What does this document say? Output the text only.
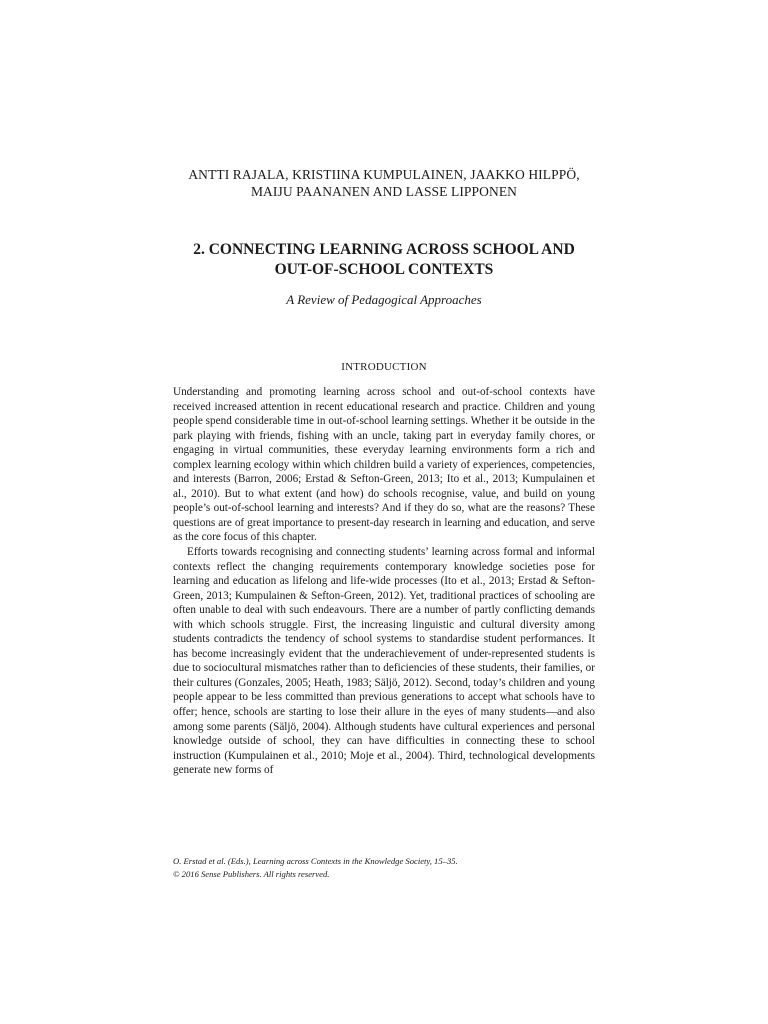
ANTTI RAJALA, KRISTIINA KUMPULAINEN, JAAKKO HILPPÖ,
MAIJU PAANANEN AND LASSE LIPPONEN
2. CONNECTING LEARNING ACROSS SCHOOL AND
OUT-OF-SCHOOL CONTEXTS
A Review of Pedagogical Approaches
INTRODUCTION

Understanding and promoting learning across school and out-of-school contexts have received increased attention in recent educational research and practice. Children and young people spend considerable time in out-of-school learning settings. Whether it be outside in the park playing with friends, fishing with an uncle, taking part in everyday family chores, or engaging in virtual communities, these everyday learning environments form a rich and complex learning ecology within which children build a variety of experiences, competencies, and interests (Barron, 2006; Erstad & Sefton-Green, 2013; Ito et al., 2013; Kumpulainen et al., 2010). But to what extent (and how) do schools recognise, value, and build on young people’s out-of-school learning and interests? And if they do so, what are the reasons? These questions are of great importance to present-day research in learning and education, and serve as the core focus of this chapter.

Efforts towards recognising and connecting students’ learning across formal and informal contexts reflect the changing requirements contemporary knowledge societies pose for learning and education as lifelong and life-wide processes (Ito et al., 2013; Erstad & Sefton-Green, 2013; Kumpulainen & Sefton-Green, 2012). Yet, traditional practices of schooling are often unable to deal with such endeavours. There are a number of partly conflicting demands with which schools struggle. First, the increasing linguistic and cultural diversity among students contradicts the tendency of school systems to standardise student performances. It has become increasingly evident that the underachievement of under-represented students is due to sociocultural mismatches rather than to deficiencies of these students, their families, or their cultures (Gonzales, 2005; Heath, 1983; Säljö, 2012). Second, today’s children and young people appear to be less committed than previous generations to accept what schools have to offer; hence, schools are starting to lose their allure in the eyes of many students—and also among some parents (Säljö, 2004). Although students have cultural experiences and personal knowledge outside of school, they can have difficulties in connecting these to school instruction (Kumpulainen et al., 2010; Moje et al., 2004). Third, technological developments generate new forms of

O. Erstad et al. (Eds.), Learning across Contexts in the Knowledge Society, 15–35.
© 2016 Sense Publishers. All rights reserved.
